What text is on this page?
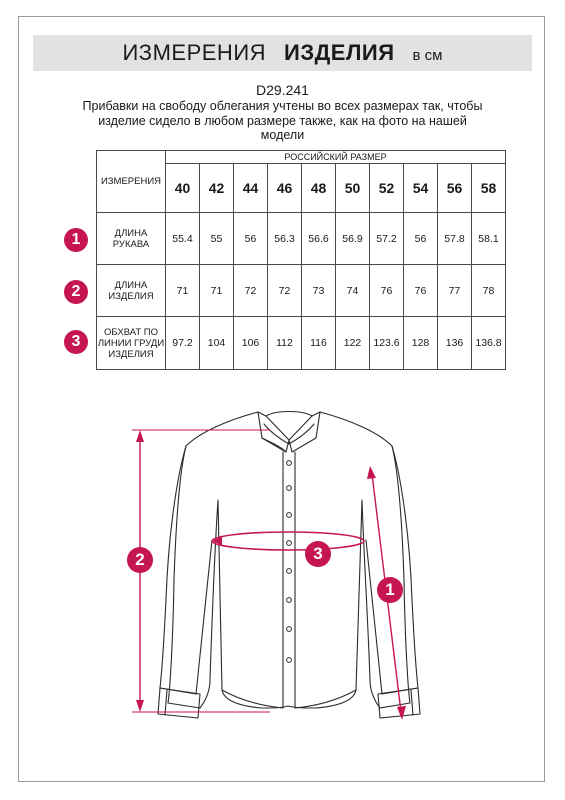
ИЗМЕРЕНИЯ ИЗДЕЛИЯ в см
D29.241
Прибавки на свободу облегания учтены во всех размерах так, чтобы изделие сидело в любом размере также, как на фото на нашей модели
ИЗМЕРЕНИЯ	РОССИЙСКИЙ РАЗМЕР									
	40	42	44	46	48	50	52	54	56	58
ДЛИНА РУКАВА	55.4	55	56	56.3	56.6	56.9	57.2	56	57.8	58.1
ДЛИНА ИЗДЕЛИЯ	71	71	72	72	73	74	76	76	77	78
ОБХВАТ ПО ЛИНИИ ГРУДИ ИЗДЕЛИЯ	97.2	104	106	112	116	122	123.6	128	136	136.8
1
2
3
1
2	3
